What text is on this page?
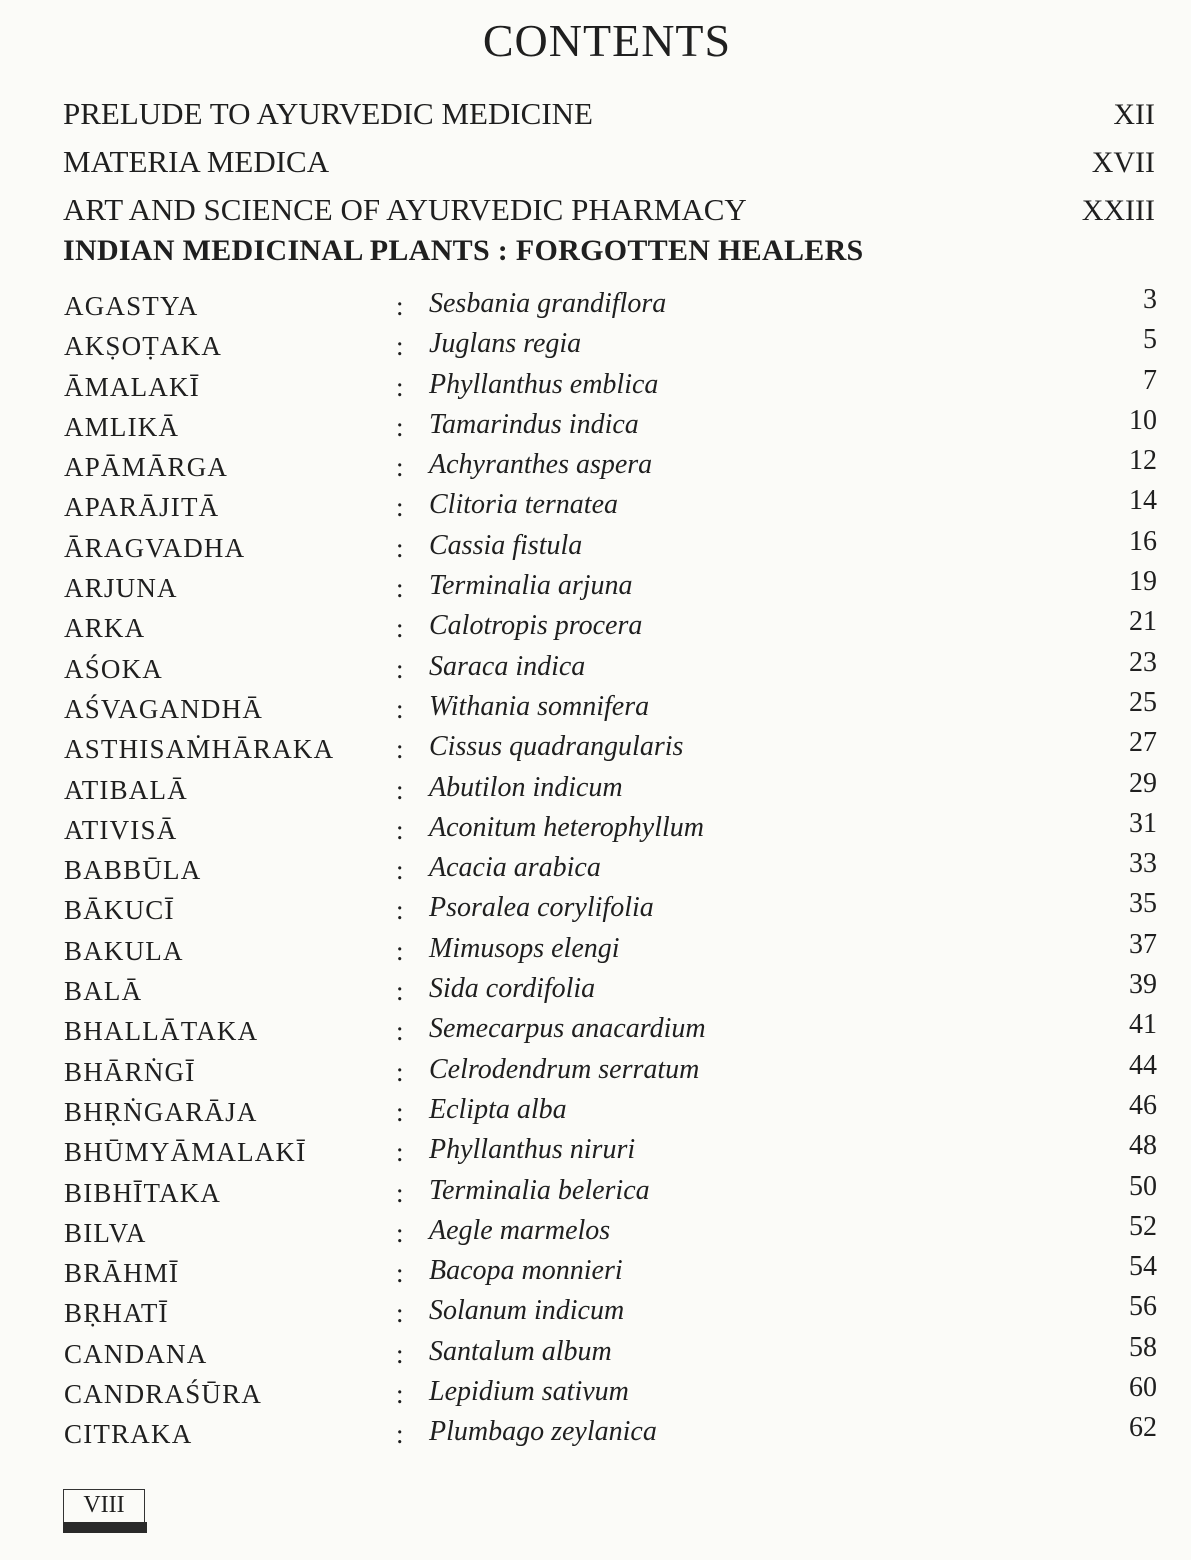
CONTENTS
PRELUDE TO AYURVEDIC MEDICINE	XII
MATERIA MEDICA	XVII
ART AND SCIENCE OF AYURVEDIC PHARMACY	XXIII
INDIAN MEDICINAL PLANTS : FORGOTTEN HEALERS
AGASTYA	: Sesbania grandiflora	3
AKṢOṬAKA	: Juglans regia	5
ĀMALAKĪ	: Phyllanthus emblica	7
AMLIKĀ	: Tamarindus indica	10
APĀMĀRGA	: Achyranthes aspera	12
APARĀJITĀ	: Clitoria ternatea	14
ĀRAGVADHA	: Cassia fistula	16
ARJUNA	: Terminalia arjuna	19
ARKA	: Calotropis procera	21
AŚOKA	: Saraca indica	23
AŚVAGANDHĀ	: Withania somnifera	25
ASTHISAṀHĀRAKA : Cissus quadrangularis	27
ATIBALĀ	: Abutilon indicum	29
ATIVISĀ	: Aconitum heterophyllum	31
BABBŪLA	: Acacia arabica	33
BĀKUCĪ	: Psoralea corylifolia	35
BAKULA	: Mimusops elengi	37
BALĀ	: Sida cordifolia	39
BHALLĀTAKA	: Semecarpus anacardium	41
BHĀRṄGĪ	: Celrodendrum serratum	44
BHṚṄGARĀJA	: Eclipta alba	46
BHŪMYĀMALAKĪ	: Phyllanthus niruri	48
BIBHĪTAKA	: Terminalia belerica	50
BILVA	: Aegle marmelos	52
BRĀHMĪ	: Bacopa monnieri	54
BṚHATĪ	: Solanum indicum	56
CANDANA	: Santalum album	58
CANDRAŚŪRA	: Lepidium sativum	60
CITRAKA	: Plumbago zeylanica	62
VIII
